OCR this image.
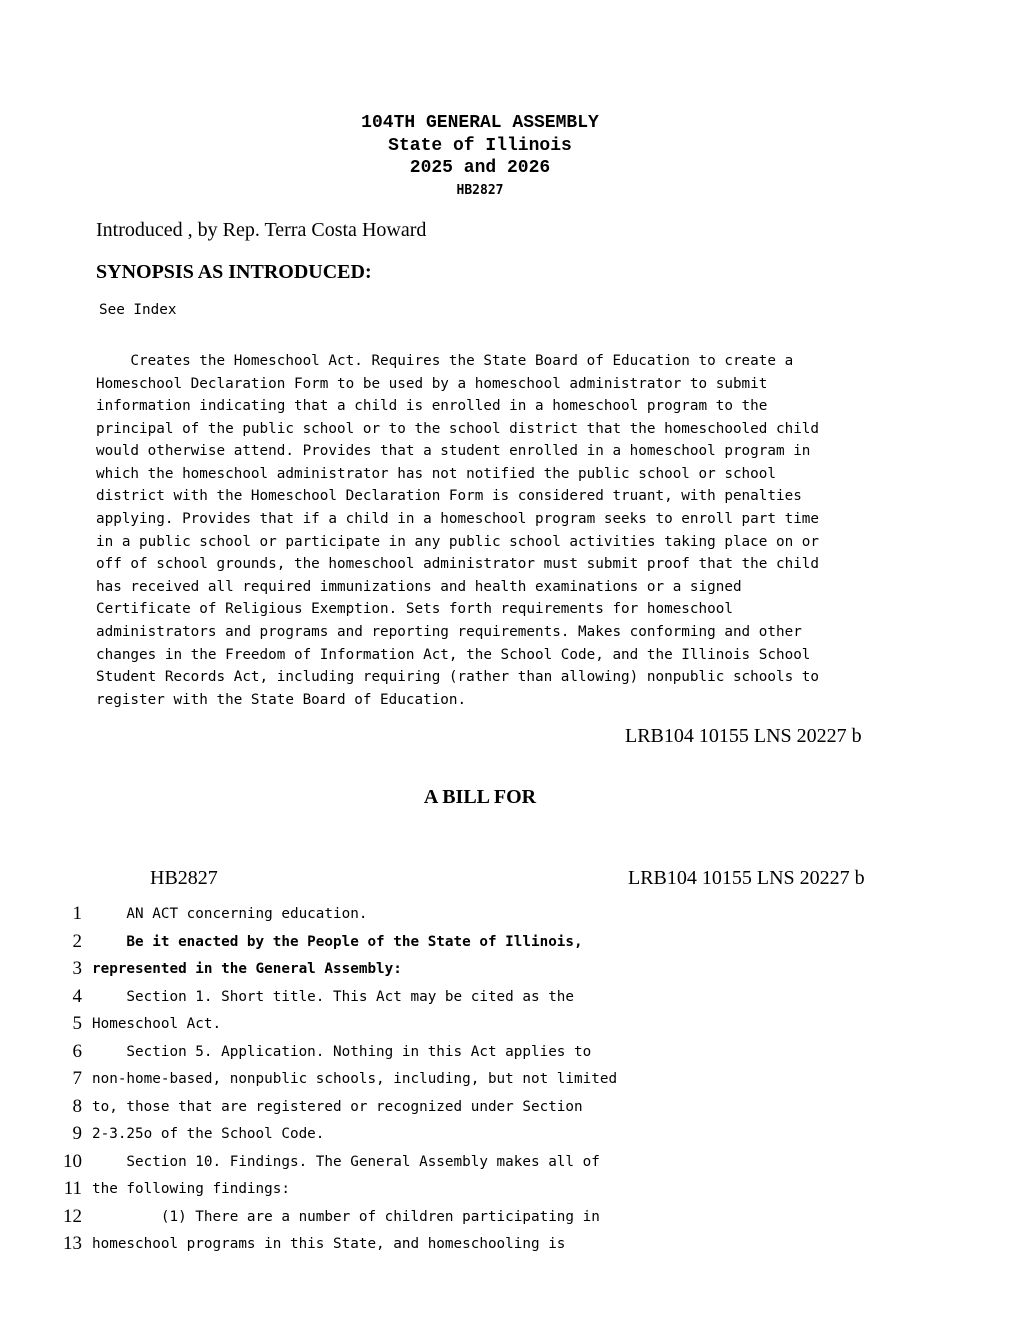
104TH GENERAL ASSEMBLY
State of Illinois
2025 and 2026
HB2827
Introduced , by Rep. Terra Costa Howard
SYNOPSIS AS INTRODUCED:
See Index
Creates the Homeschool Act. Requires the State Board of Education to create a
Homeschool Declaration Form to be used by a homeschool administrator to submit
information indicating that a child is enrolled in a homeschool program to the
principal of the public school or to the school district that the homeschooled child
would otherwise attend. Provides that a student enrolled in a homeschool program in
which the homeschool administrator has not notified the public school or school
district with the Homeschool Declaration Form is considered truant, with penalties
applying. Provides that if a child in a homeschool program seeks to enroll part time
in a public school or participate in any public school activities taking place on or
off of school grounds, the homeschool administrator must submit proof that the child
has received all required immunizations and health examinations or a signed
Certificate of Religious Exemption. Sets forth requirements for homeschool
administrators and programs and reporting requirements. Makes conforming and other
changes in the Freedom of Information Act, the School Code, and the Illinois School
Student Records Act, including requiring (rather than allowing) nonpublic schools to
register with the State Board of Education.
LRB104 10155 LNS 20227 b
A BILL FOR
HB2827	LRB104 10155 LNS 20227 b
1 AN ACT concerning education.
2 Be it enacted by the People of the State of Illinois,
3 represented in the General Assembly:
4 Section 1. Short title. This Act may be cited as the
5 Homeschool Act.
6 Section 5. Application. Nothing in this Act applies to
7 non-home-based, nonpublic schools, including, but not limited
8 to, those that are registered or recognized under Section
9 2-3.25o of the School Code.
10 Section 10. Findings. The General Assembly makes all of
11 the following findings:
12 (1) There are a number of children participating in
13 homeschool programs in this State, and homeschooling is
